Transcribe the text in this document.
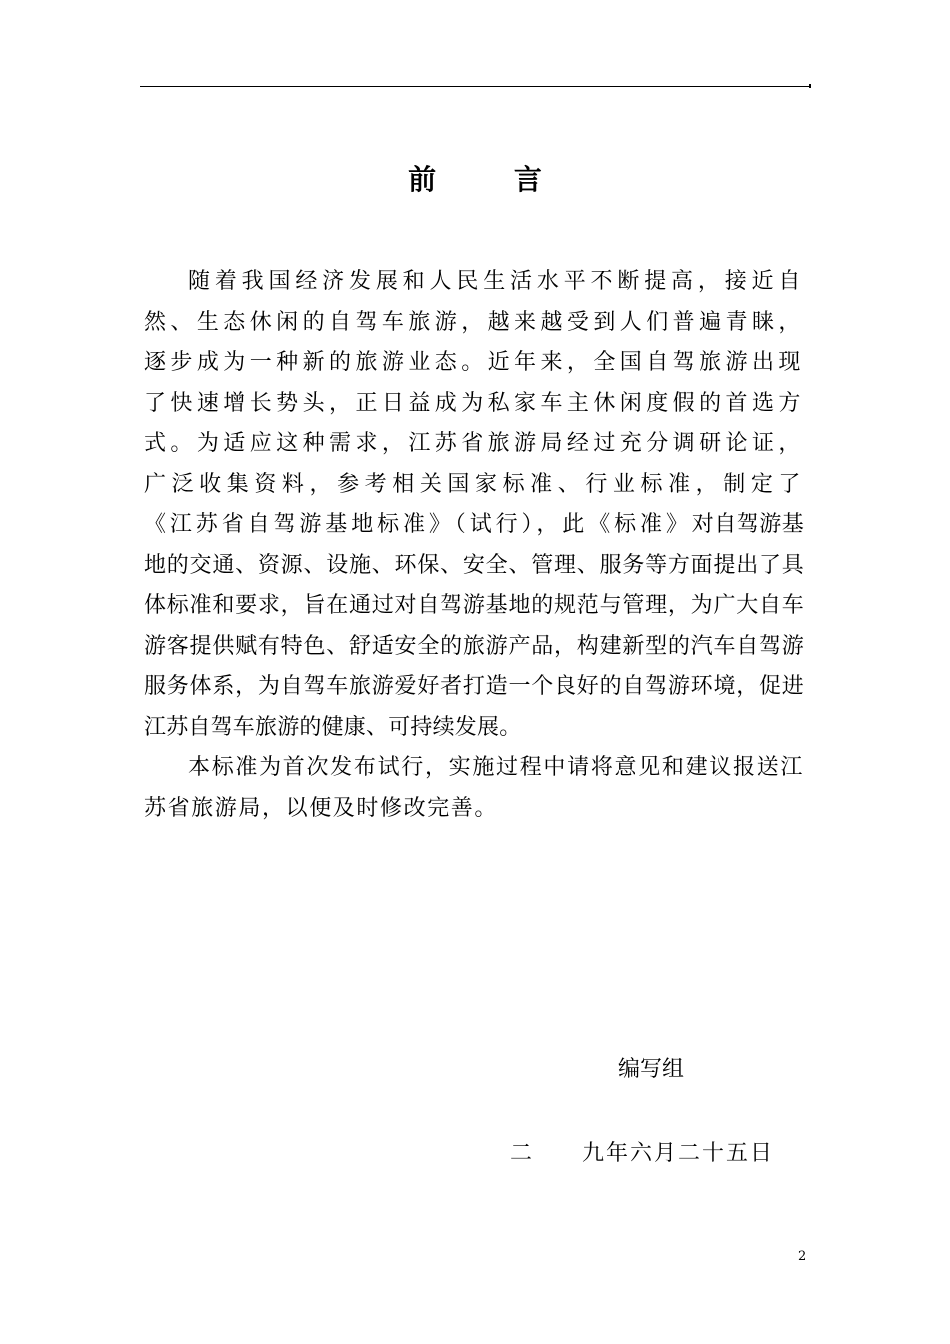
前 言

随着我国经济发展和人民生活水平不断提高，接近自然、生态休闲的自驾车旅游，越来越受到人们普遍青睐，逐步成为一种新的旅游业态。近年来，全国自驾旅游出现了快速增长势头，正日益成为私家车主休闲度假的首选方式。为适应这种需求，江苏省旅游局经过充分调研论证，广泛收集资料，参考相关国家标准、行业标准，制定了《江苏省自驾游基地标准》（试行），此《标准》对自驾游基地的交通、资源、设施、环保、安全、管理、服务等方面提出了具体标准和要求，旨在通过对自驾游基地的规范与管理，为广大自车游客提供赋有特色、舒适安全的旅游产品，构建新型的汽车自驾游服务体系，为自驾车旅游爱好者打造一个良好的自驾游环境，促进江苏自驾车旅游的健康、可持续发展。

本标准为首次发布试行，实施过程中请将意见和建议报送江苏省旅游局，以便及时修改完善。

编写组
二　　九年六月二十五日
2
